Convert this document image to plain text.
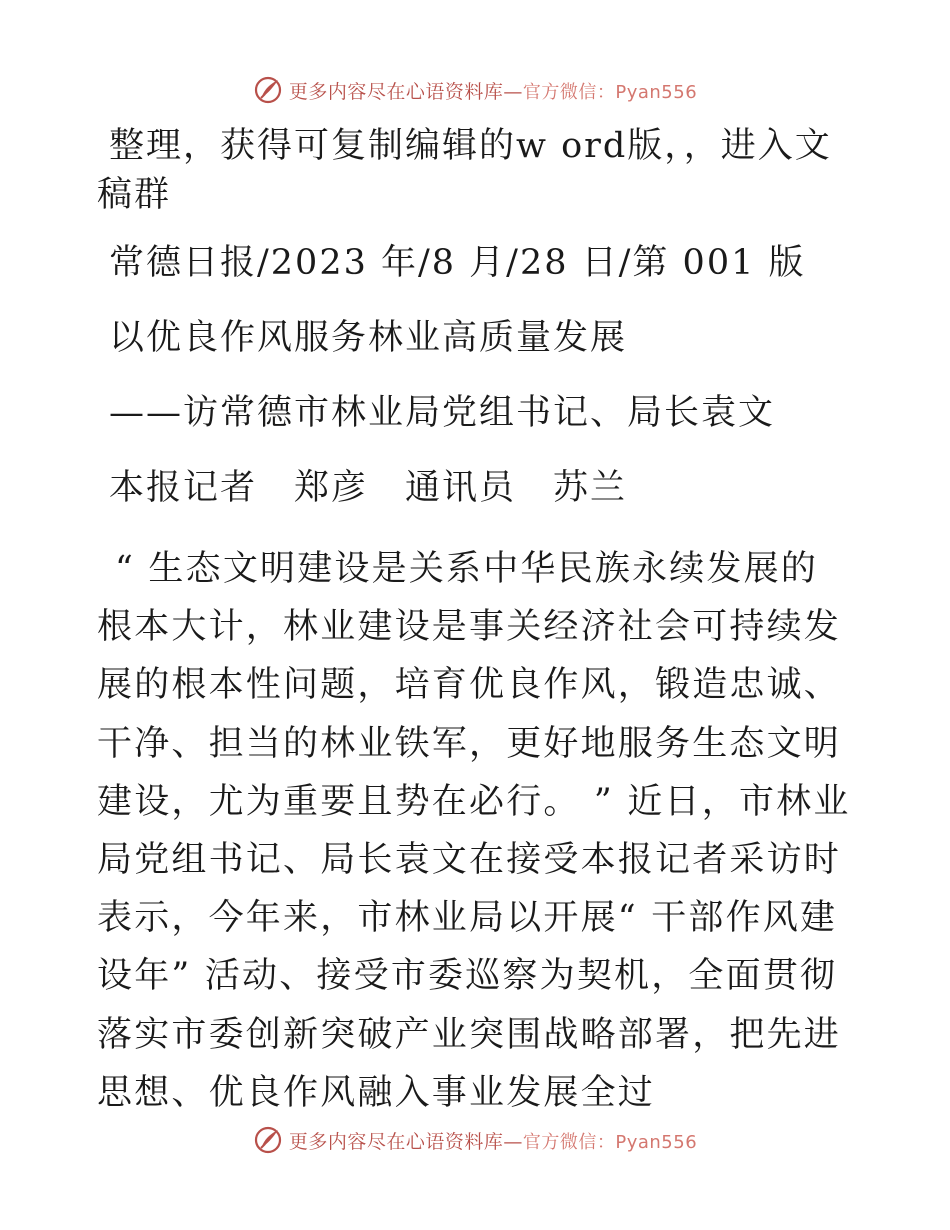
更多内容尽在心语资料库—官方微信：Pyan556

整理，获得可复制编辑的w ord版，，进入文稿群

常德日报/2023 年/8 月/28 日/第 001 版

以优良作风服务林业高质量发展

——访常德市林业局党组书记、局长袁文

本报记者　郑彦　通讯员　苏兰

“ 生态文明建设是关系中华民族永续发展的根本大计，林业建设是事关经济社会可持续发展的根本性问题，培育优良作风，锻造忠诚、干净、担当的林业铁军，更好地服务生态文明建设，尤为重要且势在必行。 ” 近日，市林业局党组书记、局长袁文在接受本报记者采访时表示，今年来，市林业局以开展“ 干部作风建设年” 活动、接受市委巡察为契机，全面贯彻落实市委创新突破产业突围战略部署，把先进思想、优良作风融入事业发展全过

更多内容尽在心语资料库—官方微信：Pyan556
